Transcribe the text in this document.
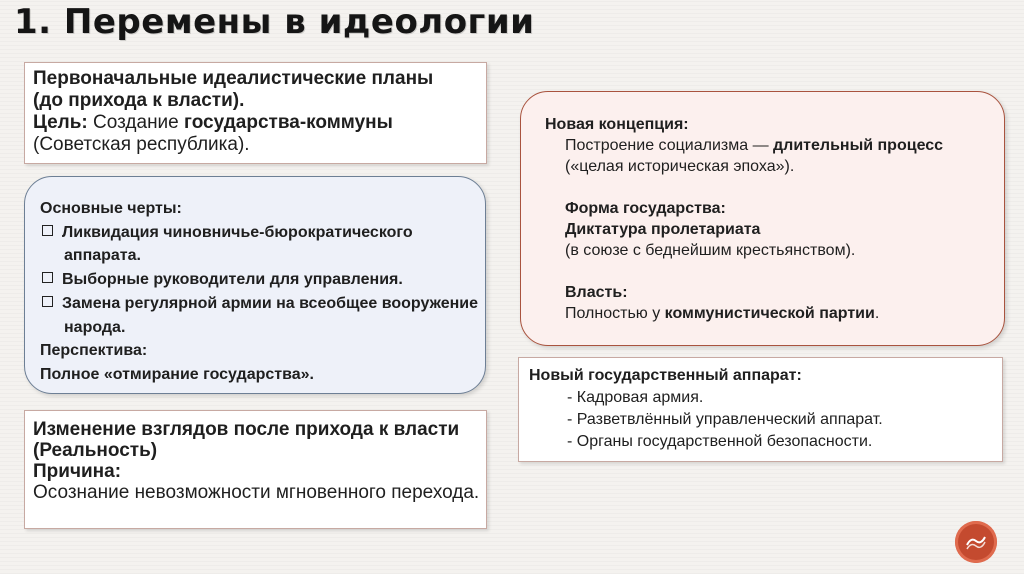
1. Перемены в идеологии
Первоначальные идеалистические планы
(до прихода к власти).
Цель: Создание государства-коммуны
(Советская республика).
Основные черты:
Ликвидация чиновничье-бюрократического аппарата.
Выборные руководители для управления.
Замена регулярной армии на всеобщее вооружение народа.
Перспектива:
Полное «отмирание государства».
Изменение взглядов после прихода к власти (Реальность)
Причина:
Осознание невозможности мгновенного перехода.
Новая концепция:
Построение социализма — длительный процесс («целая историческая эпоха»).
Форма государства:
Диктатура пролетариата
(в союзе с беднейшим крестьянством).
Власть:
Полностью у коммунистической партии.
Новый государственный аппарат:
- Кадровая армия.
- Разветвлённый управленческий аппарат.
- Органы государственной безопасности.
